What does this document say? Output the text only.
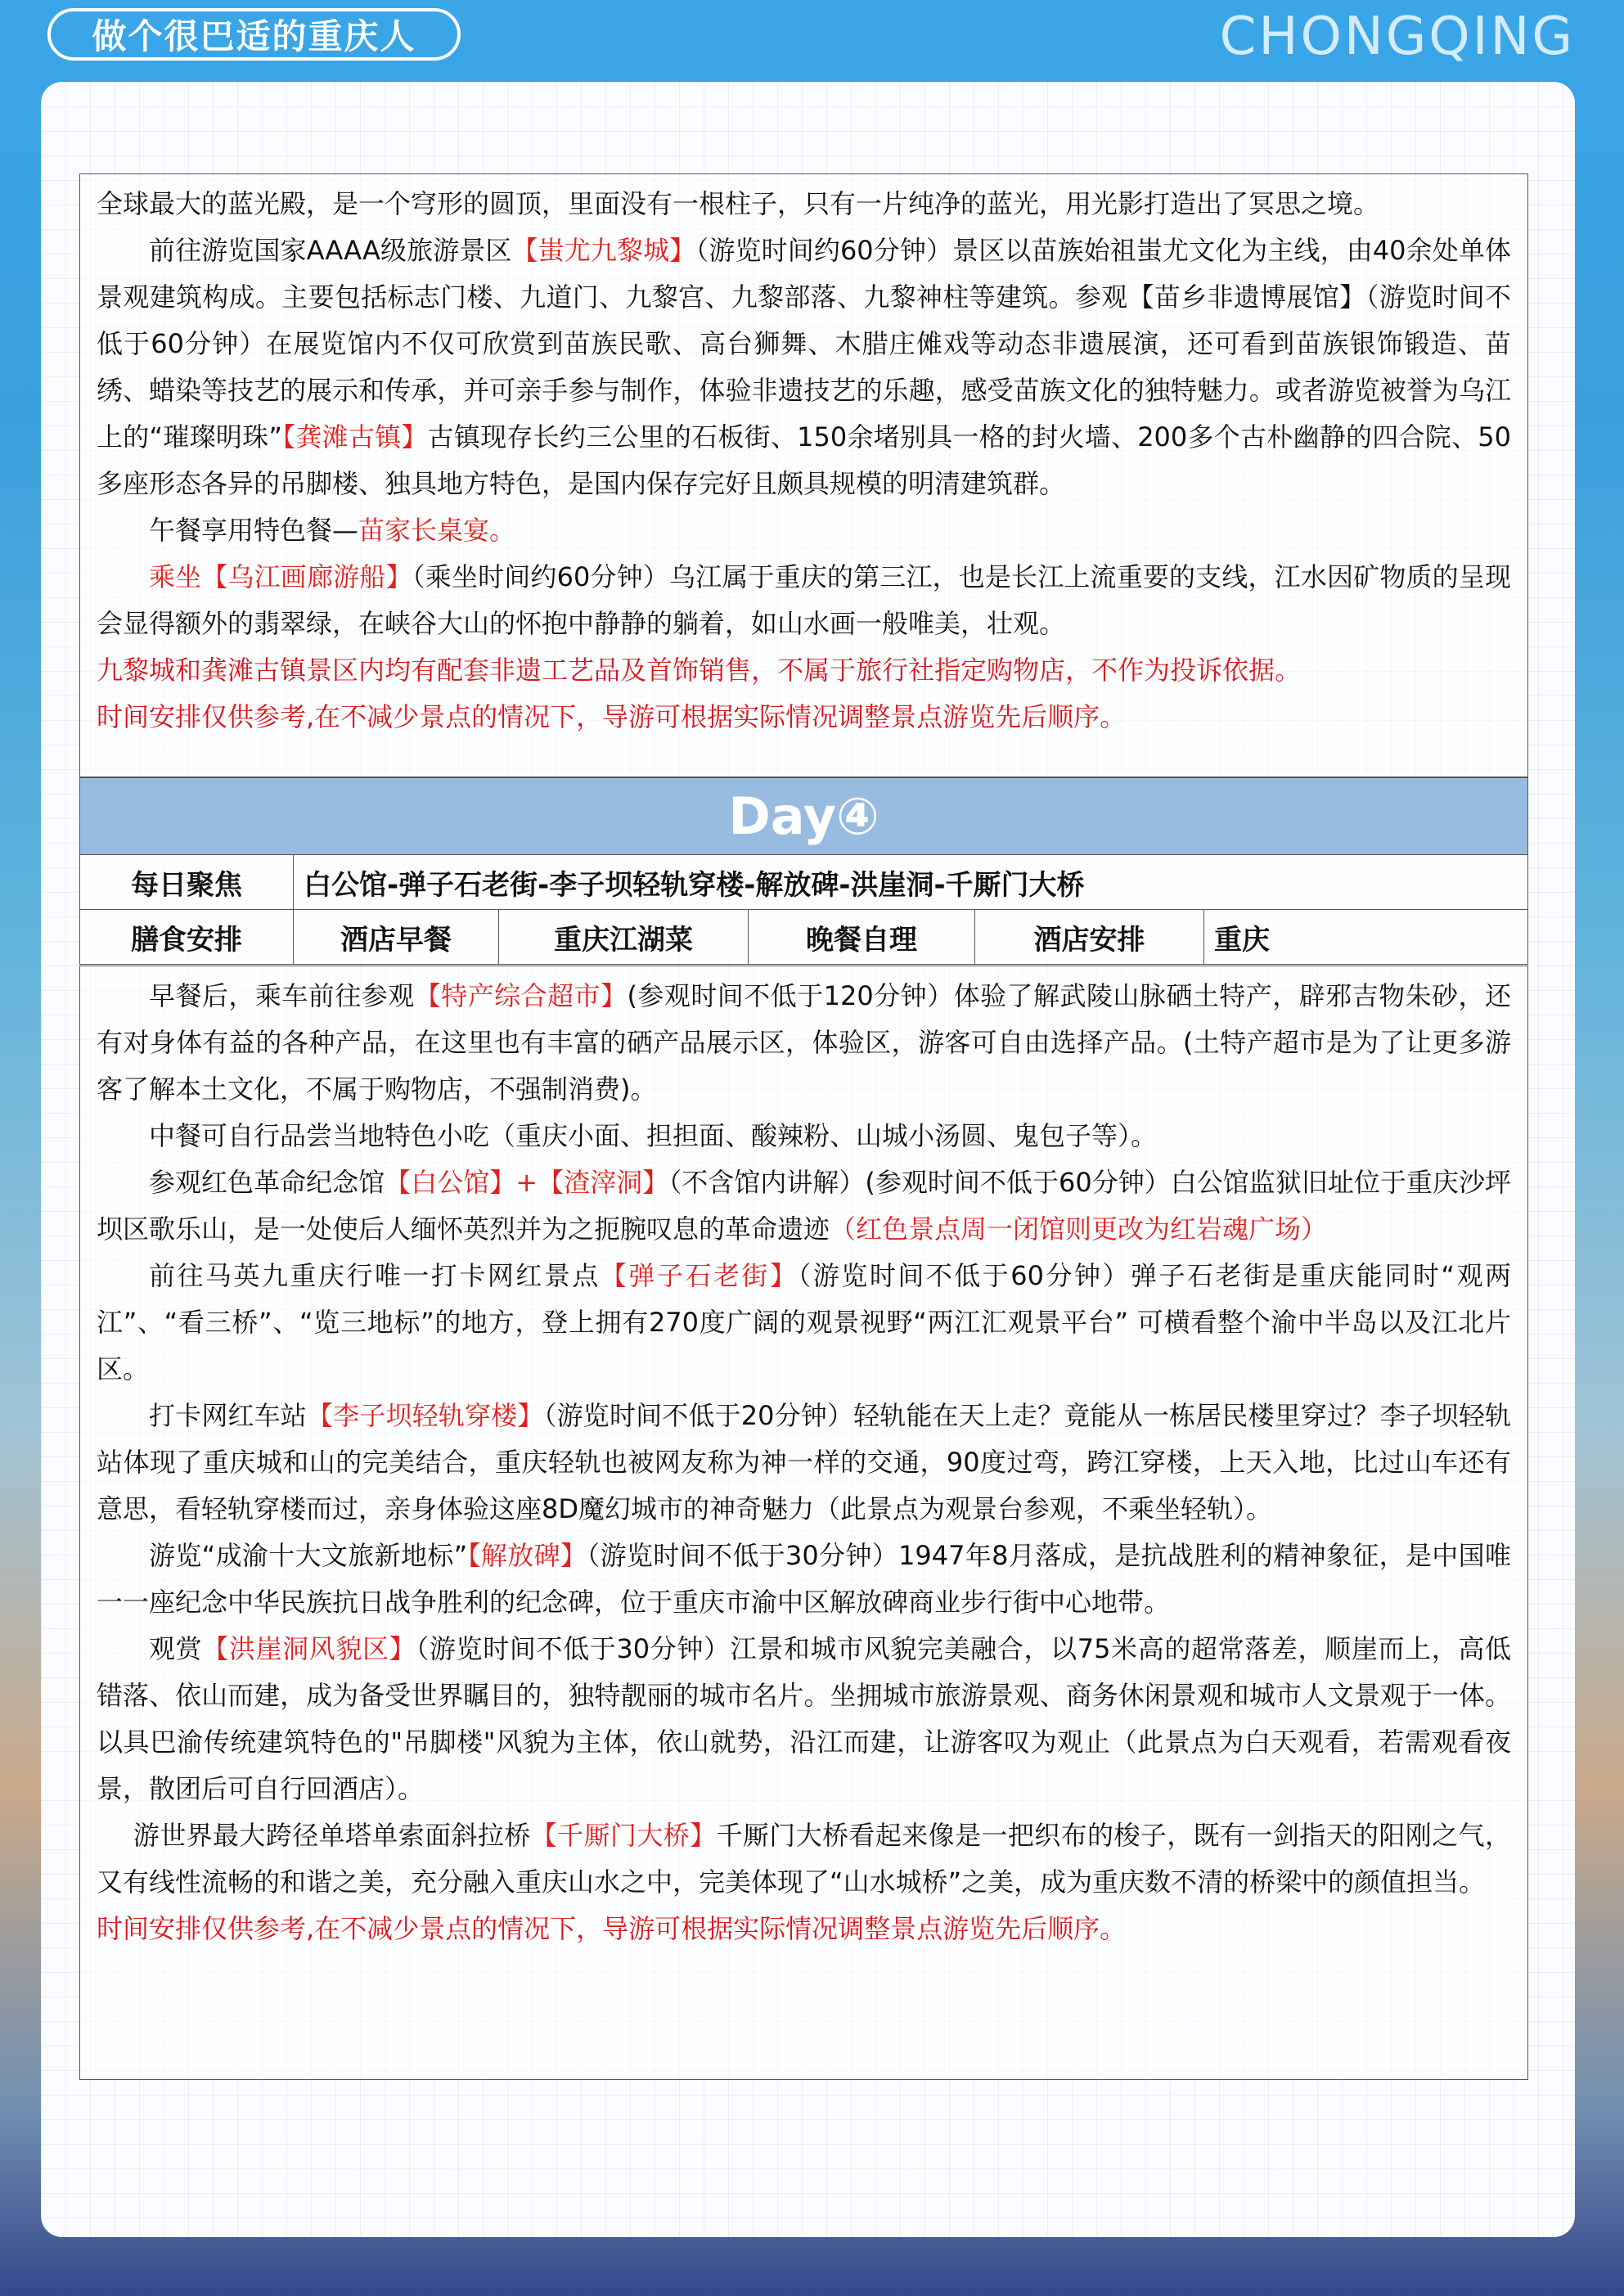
做个很巴适的重庆人	CHONGQING

全球最大的蓝光殿，是一个穹形的圆顶，里面没有一根柱子，只有一片纯净的蓝光，用光影打造出了冥思之境。

前往游览国家AAAA级旅游景区【蚩尤九黎城】（游览时间约60分钟）景区以苗族始祖蚩尤文化为主线，由40余处单体景观建筑构成。主要包括标志门楼、九道门、九黎宫、九黎部落、九黎神柱等建筑。参观【苗乡非遗博展馆】（游览时间不低于60分钟）在展览馆内不仅可欣赏到苗族民歌、高台狮舞、木腊庄傩戏等动态非遗展演，还可看到苗族银饰锻造、苗绣、蜡染等技艺的展示和传承，并可亲手参与制作，体验非遗技艺的乐趣，感受苗族文化的独特魅力。或者游览被誉为乌江上的“璀璨明珠”【龚滩古镇】古镇现存长约三公里的石板街、150余堵别具一格的封火墙、200多个古朴幽静的四合院、50多座形态各异的吊脚楼、独具地方特色，是国内保存完好且颇具规模的明清建筑群。

午餐享用特色餐—苗家长桌宴。

乘坐【乌江画廊游船】（乘坐时间约60分钟）乌江属于重庆的第三江，也是长江上流重要的支线，江水因矿物质的呈现会显得额外的翡翠绿，在峡谷大山的怀抱中静静的躺着，如山水画一般唯美，壮观。

九黎城和龚滩古镇景区内均有配套非遗工艺品及首饰销售，不属于旅行社指定购物店，不作为投诉依据。

时间安排仅供参考,在不减少景点的情况下，导游可根据实际情况调整景点游览先后顺序。

Day④
每日聚焦	白公馆-弹子石老街-李子坝轻轨穿楼-解放碑-洪崖洞-千厮门大桥				
膳食安排	酒店早餐	重庆江湖菜	晚餐自理	酒店安排	重庆

早餐后，乘车前往参观【特产综合超市】(参观时间不低于120分钟）体验了解武陵山脉硒土特产，辟邪吉物朱砂，还有对身体有益的各种产品，在这里也有丰富的硒产品展示区，体验区，游客可自由选择产品。(土特产超市是为了让更多游客了解本土文化，不属于购物店，不强制消费)。

中餐可自行品尝当地特色小吃（重庆小面、担担面、酸辣粉、山城小汤圆、鬼包子等）。

参观红色革命纪念馆【白公馆】+【渣滓洞】（不含馆内讲解）(参观时间不低于60分钟）白公馆监狱旧址位于重庆沙坪坝区歌乐山，是一处使后人缅怀英烈并为之扼腕叹息的革命遗迹（红色景点周一闭馆则更改为红岩魂广场）

前往马英九重庆行唯一打卡网红景点【弹子石老街】（游览时间不低于60分钟）弹子石老街是重庆能同时“观两江”、“看三桥”、“览三地标”的地方，登上拥有270度广阔的观景视野“两江汇观景平台” 可横看整个渝中半岛以及江北片区。

打卡网红车站【李子坝轻轨穿楼】（游览时间不低于20分钟）轻轨能在天上走？竟能从一栋居民楼里穿过？李子坝轻轨站体现了重庆城和山的完美结合，重庆轻轨也被网友称为神一样的交通，90度过弯，跨江穿楼，上天入地，比过山车还有意思，看轻轨穿楼而过，亲身体验这座8D魔幻城市的神奇魅力（此景点为观景台参观，不乘坐轻轨）。

游览“成渝十大文旅新地标”【解放碑】（游览时间不低于30分钟）1947年8月落成，是抗战胜利的精神象征，是中国唯一一座纪念中华民族抗日战争胜利的纪念碑，位于重庆市渝中区解放碑商业步行街中心地带。

观赏【洪崖洞风貌区】（游览时间不低于30分钟）江景和城市风貌完美融合，以75米高的超常落差，顺崖而上，高低错落、依山而建，成为备受世界瞩目的，独特靓丽的城市名片。坐拥城市旅游景观、商务休闲景观和城市人文景观于一体。 以具巴渝传统建筑特色的"吊脚楼"风貌为主体，依山就势，沿江而建，让游客叹为观止（此景点为白天观看，若需观看夜景，散团后可自行回酒店）。

游世界最大跨径单塔单索面斜拉桥【千厮门大桥】千厮门大桥看起来像是一把织布的梭子，既有一剑指天的阳刚之气，又有线性流畅的和谐之美，充分融入重庆山水之中，完美体现了“山水城桥”之美，成为重庆数不清的桥梁中的颜值担当。

时间安排仅供参考,在不减少景点的情况下，导游可根据实际情况调整景点游览先后顺序。
